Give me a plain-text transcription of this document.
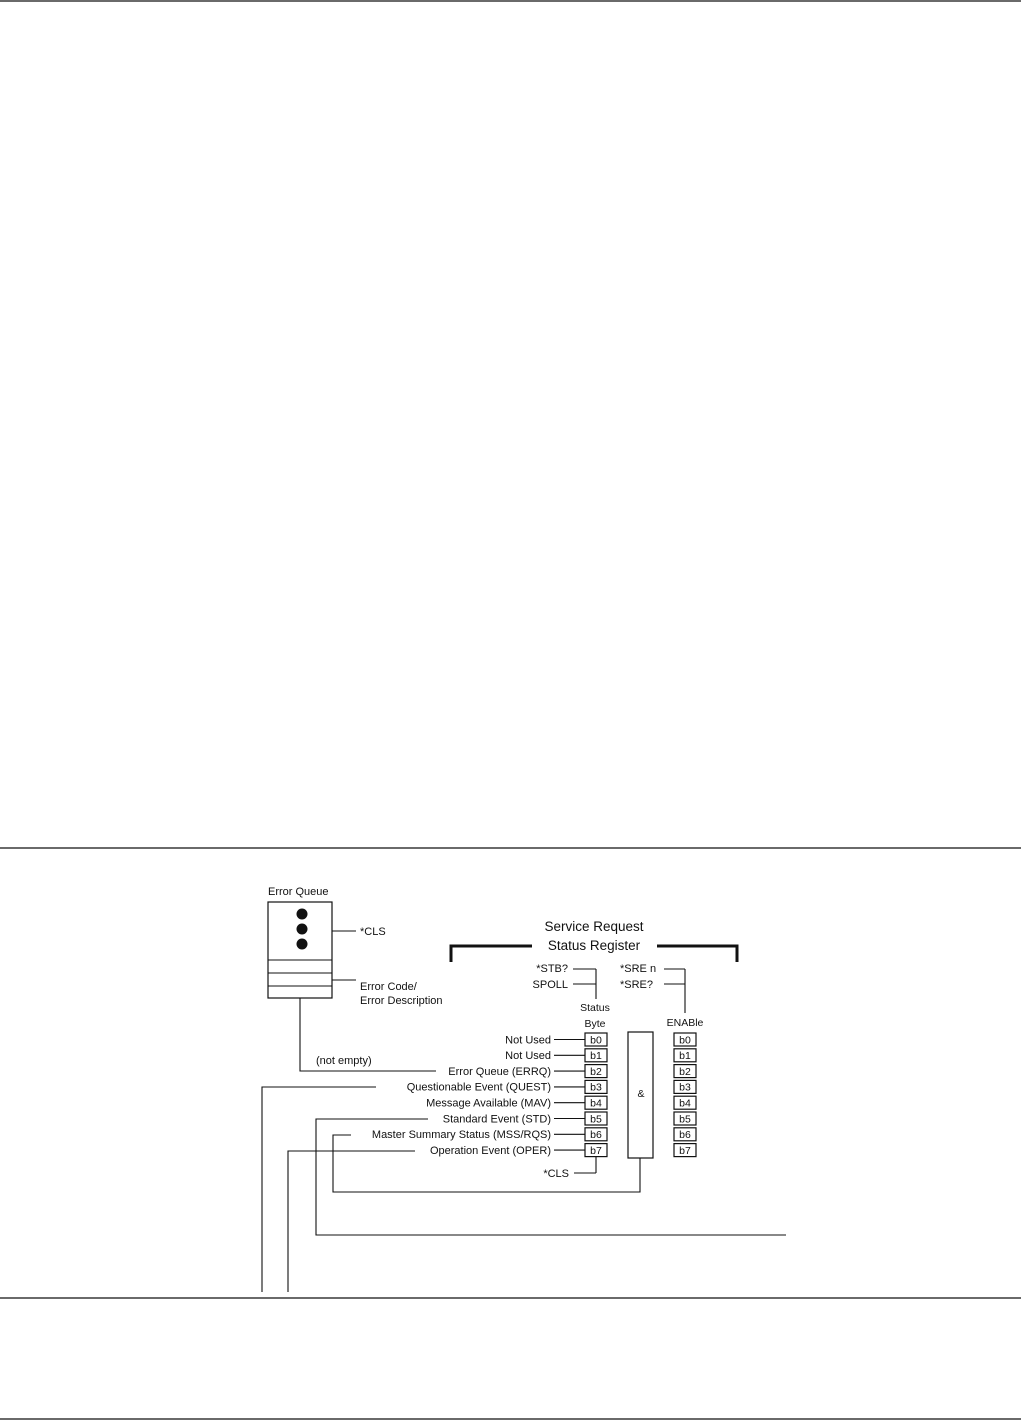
Error Queue
*CLS
Error Code/
Error Description
(not empty)
Service Request
Status Register
*STB?
SPOLL
Status
Byte
*SRE n
*SRE?
ENABle
b0
Not Used
b1
Not Used
b2
Error Queue (ERRQ)
b3
Questionable Event (QUEST)
b4
Message Available (MAV)
b5
Standard Event (STD)
b6
Master Summary Status (MSS/RQS)
b7
Operation Event (OPER)
b0
b1
b2
b3
b4
b5
b6
b7
*CLS
&
